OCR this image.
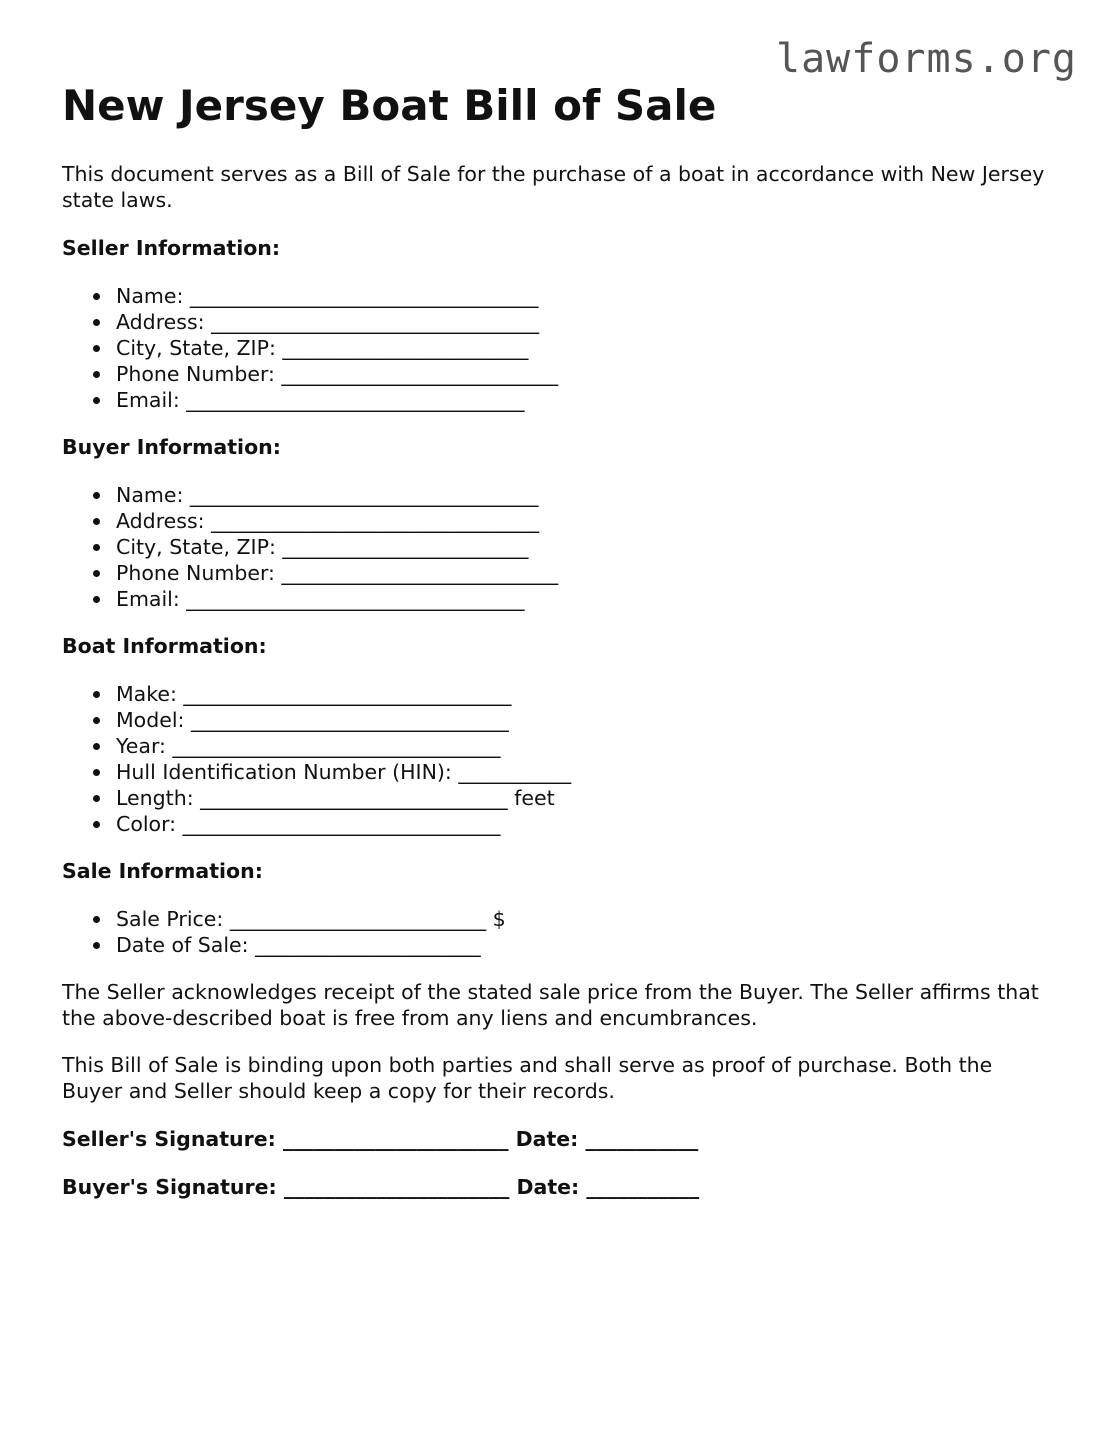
lawforms.org
New Jersey Boat Bill of Sale

This document serves as a Bill of Sale for the purchase of a boat in accordance with New Jersey state laws.

Seller Information:
Name: __________________________________
Address: ________________________________
City, State, ZIP: ________________________
Phone Number: ___________________________
Email: _________________________________
Buyer Information:
Name: __________________________________
Address: ________________________________
City, State, ZIP: ________________________
Phone Number: ___________________________
Email: _________________________________
Boat Information:
Make: ________________________________
Model: _______________________________
Year: ________________________________
Hull Identification Number (HIN): ___________
Length: ______________________________ feet
Color: _______________________________
Sale Information:
Sale Price: _________________________ $
Date of Sale: ______________________

The Seller acknowledges receipt of the stated sale price from the Buyer. The Seller affirms that the above-described boat is free from any liens and encumbrances.

This Bill of Sale is binding upon both parties and shall serve as proof of purchase. Both the Buyer and Seller should keep a copy for their records.

Seller's Signature: ______________________ Date: ___________
Buyer's Signature: ______________________ Date: ___________
